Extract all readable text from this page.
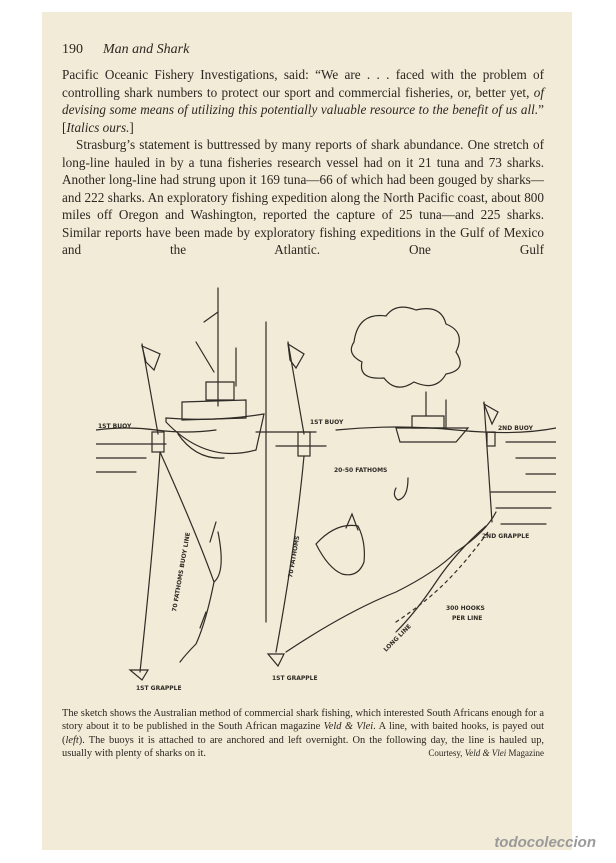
190 Man and Shark

Pacific Oceanic Fishery Investigations, said: “We are . . . faced with the problem of controlling shark numbers to protect our sport and commercial fisheries, or, better yet, of devising some means of utilizing this potentially valuable resource to the benefit of us all.” [Italics ours.]

Strasburg’s statement is buttressed by many reports of shark abundance. One stretch of long-line hauled in by a tuna fisheries research vessel had on it 21 tuna and 73 sharks. Another long-line had strung upon it 169 tuna—66 of which had been gouged by sharks—and 222 sharks. An exploratory fishing expedition along the North Pacific coast, about 800 miles off Oregon and Washington, reported the capture of 25 tuna—and 225 sharks. Similar reports have been made by exploratory fishing expeditions in the Gulf of Mexico and the Atlantic. One Gulf

1ST BUOY
1ST BUOY
2ND BUOY
20-50 FATHOMS
70 FATHOMS BUOY LINE	70 FATHOMS
1ST GRAPPLE
1ST GRAPPLE
2ND GRAPPLE
300 HOOKS
PER LINE
LONG LINE
The sketch shows the Australian method of commercial shark fishing, which interested South Africans enough for a story about it to be published in the South African magazine Veld & Vlei. A line, with baited hooks, is payed out (left). The buoys it is attached to are anchored and left overnight. On the following day, the line is hauled up, usually with plenty of sharks on it.	Courtesy, Veld & Vlei Magazine
todocoleccion
